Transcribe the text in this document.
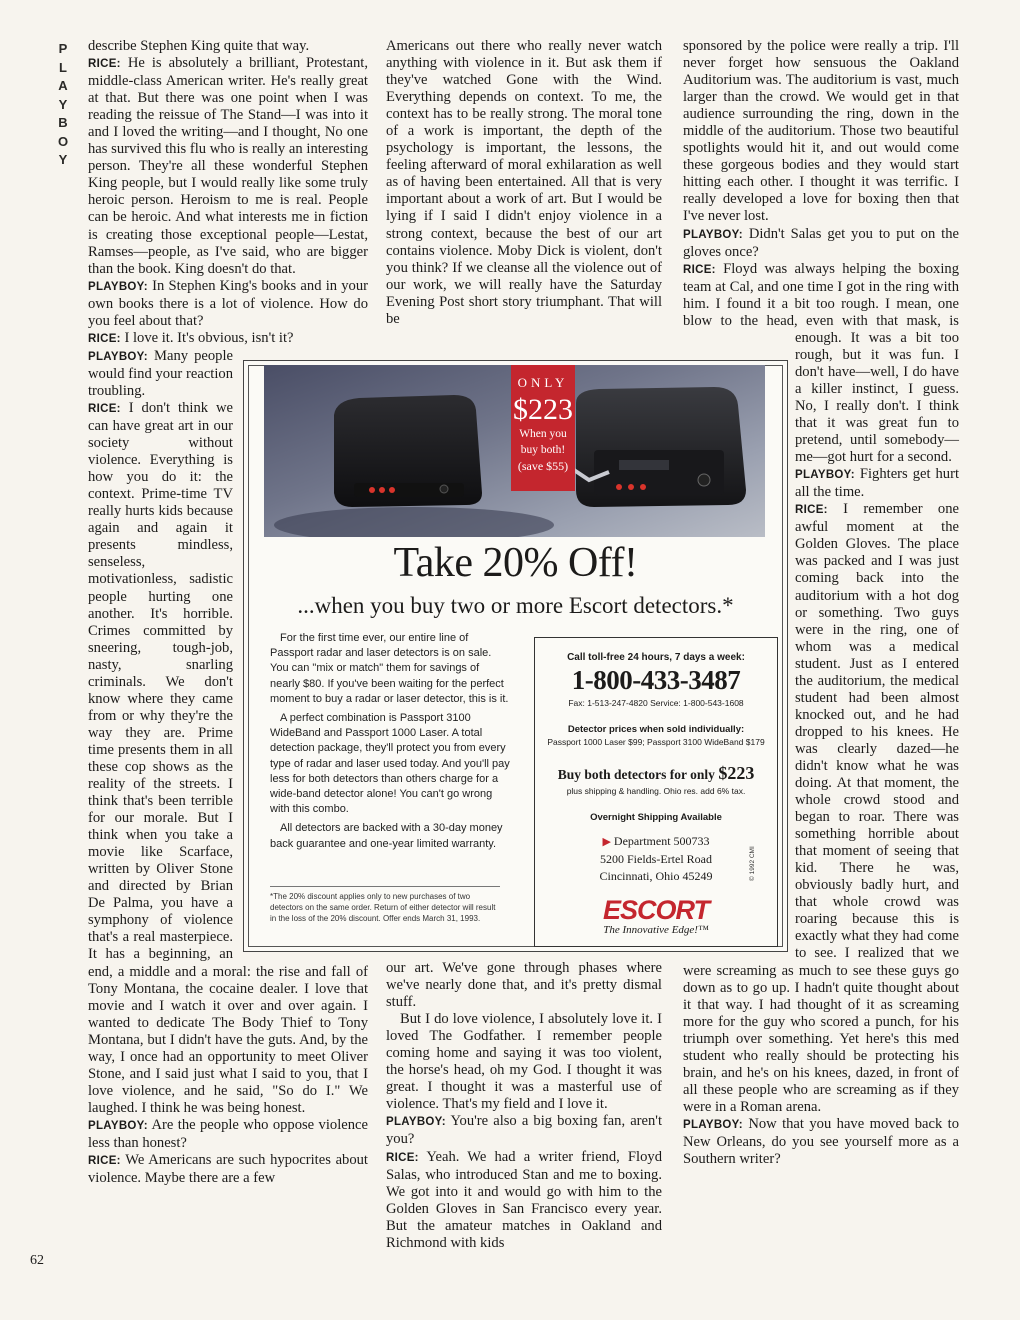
P
L
A
Y
B
O
Y

describe Stephen King quite that way.

RICE: He is absolutely a brilliant, Protestant, middle-class American writer. He's really great at that. But there was one point when I was reading the reissue of The Stand—I was into it and I loved the writing—and I thought, No one has survived this flu who is really an interesting person. They're all these wonderful Stephen King people, but I would really like some truly heroic person. Heroism to me is real. People can be heroic. And what interests me in fiction is creating those exceptional people—Lestat, Ramses—people, as I've said, who are bigger than the book. King doesn't do that.

PLAYBOY: In Stephen King's books and in your own books there is a lot of violence. How do you feel about that?

RICE: I love it. It's obvious, isn't it?

PLAYBOY: Many people would find your reaction troubling.

RICE: I don't think we can have great art in our society without violence. Everything is how you do it: the context. Prime-time TV really hurts kids because again and again it presents mindless, senseless, motivationless, sadistic people hurting one another. It's horrible. Crimes committed by sneering, tough-job, nasty, snarling criminals. We don't know where they came from or why they're the way they are. Prime time presents them in all these cop shows as the reality of the streets. I think that's been terrible for our morale. But I think when you take a movie like Scarface, written by Oliver Stone and directed by Brian De Palma, you have a symphony of violence that's a real masterpiece. It has a beginning, an end, a middle and a moral: the rise and fall of Tony Montana, the cocaine dealer. I love that movie and I watch it over and over again. I wanted to dedicate The Body Thief to Tony Montana, but I didn't have the guts. And, by the way, I once had an opportunity to meet Oliver Stone, and I said just what I said to you, that I love violence, and he said, "So do I." We laughed. I think he was being honest.

PLAYBOY: Are the people who oppose violence less than honest?

RICE: We Americans are such hypocrites about violence. Maybe there are a few

Americans out there who really never watch anything with violence in it. But ask them if they've watched Gone with the Wind. Everything depends on context. To me, the context has to be really strong. The moral tone of a work is important, the depth of the psychology is important, the lessons, the feeling afterward of moral exhilaration as well as of having been entertained. All that is very important about a work of art. But I would be lying if I said I didn't enjoy violence in a strong context, because the best of our art contains violence. Moby Dick is violent, don't you think? If we cleanse all the violence out of our work, we will really have the Saturday Evening Post short story triumphant. That will be

our art. We've gone through phases where we've nearly done that, and it's pretty dismal stuff.

But I do love violence, I absolutely love it. I loved The Godfather. I remember people coming home and saying it was too violent, the horse's head, oh my God. I thought it was great. I thought it was a masterful use of violence. That's my field and I love it.

PLAYBOY: You're also a big boxing fan, aren't you?

RICE: Yeah. We had a writer friend, Floyd Salas, who introduced Stan and me to boxing. We got into it and would go with him to the Golden Gloves in San Francisco every year. But the amateur matches in Oakland and Richmond with kids

sponsored by the police were really a trip. I'll never forget how sensuous the Oakland Auditorium was. The auditorium is vast, much larger than the crowd. We would get in that audience surrounding the ring, down in the middle of the auditorium. Those two beautiful spotlights would hit it, and out would come these gorgeous bodies and they would start hitting each other. I thought it was terrific. I really developed a love for boxing then that I've never lost.

PLAYBOY: Didn't Salas get you to put on the gloves once?

RICE: Floyd was always helping the boxing team at Cal, and one time I got in the ring with him. I found it a bit too rough. I mean, one blow to the head, even with that mask, is enough. It was a bit too rough, but it was fun. I don't have—well, I do have a killer instinct, I guess. No, I really don't. I think that it was great fun to pretend, until somebody—me—got hurt for a second.

PLAYBOY: Fighters get hurt all the time.

RICE: I remember one awful moment at the Golden Gloves. The place was packed and I was just coming back into the auditorium with a hot dog or something. Two guys were in the ring, one of whom was a medical student. Just as I entered the auditorium, the medical student had been almost knocked out, and he had dropped to his knees. He was clearly dazed—he didn't know what he was doing. At that moment, the whole crowd stood and began to roar. There was something horrible about that moment of seeing that kid. There he was, obviously badly hurt, and that whole crowd was roaring because this is exactly what they had come to see. I realized that we were screaming as much to see these guys go down as to go up. I hadn't quite thought about it that way. I had thought of it as screaming more for the guy who scored a punch, for his triumph over something. Yet here's this med student who really should be protecting his brain, and he's on his knees, dazed, in front of all these people who are screaming as if they were in a Roman arena.

PLAYBOY: Now that you have moved back to New Orleans, do you see yourself more as a Southern writer?

62
ONLY
$223
When you
buy both!
(save $55)
Take 20% Off!
...when you buy two or more Escort detectors.*

For the first time ever, our entire line of Passport radar and laser detectors is on sale. You can "mix or match" them for savings of nearly $80. If you've been waiting for the perfect moment to buy a radar or laser detector, this is it.

A perfect combination is Passport 3100 WideBand and Passport 1000 Laser. A total detection package, they'll protect you from every type of radar and laser used today. And you'll pay less for both detectors than others charge for a wide-band detector alone! You can't go wrong with this combo.

All detectors are backed with a 30-day money back guarantee and one-year limited warranty.

*The 20% discount applies only to new purchases of two detectors on the same order. Return of either detector will result in the loss of the 20% discount. Offer ends March 31, 1993.
Call toll-free 24 hours, 7 days a week:
1-800-433-3487
Fax: 1-513-247-4820 Service: 1-800-543-1608
Detector prices when sold individually:
Passport 1000 Laser $99; Passport 3100 WideBand $179
Buy both detectors for only $223
plus shipping & handling. Ohio res. add 6% tax.
Overnight Shipping Available
▶ Department 500733
5200 Fields-Ertel Road
Cincinnati, Ohio 45249
ESCORT
The Innovative Edge!™
© 1992 CMI
